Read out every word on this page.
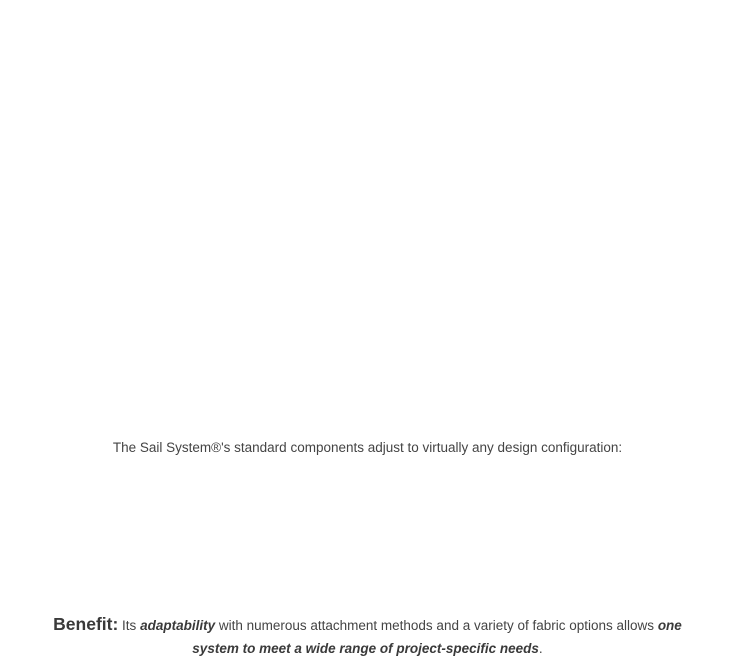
The Sail System®'s standard components adjust to virtually any design configuration:

Benefit: Its adaptability with numerous attachment methods and a variety of fabric options allows one system to meet a wide range of project-specific needs.
